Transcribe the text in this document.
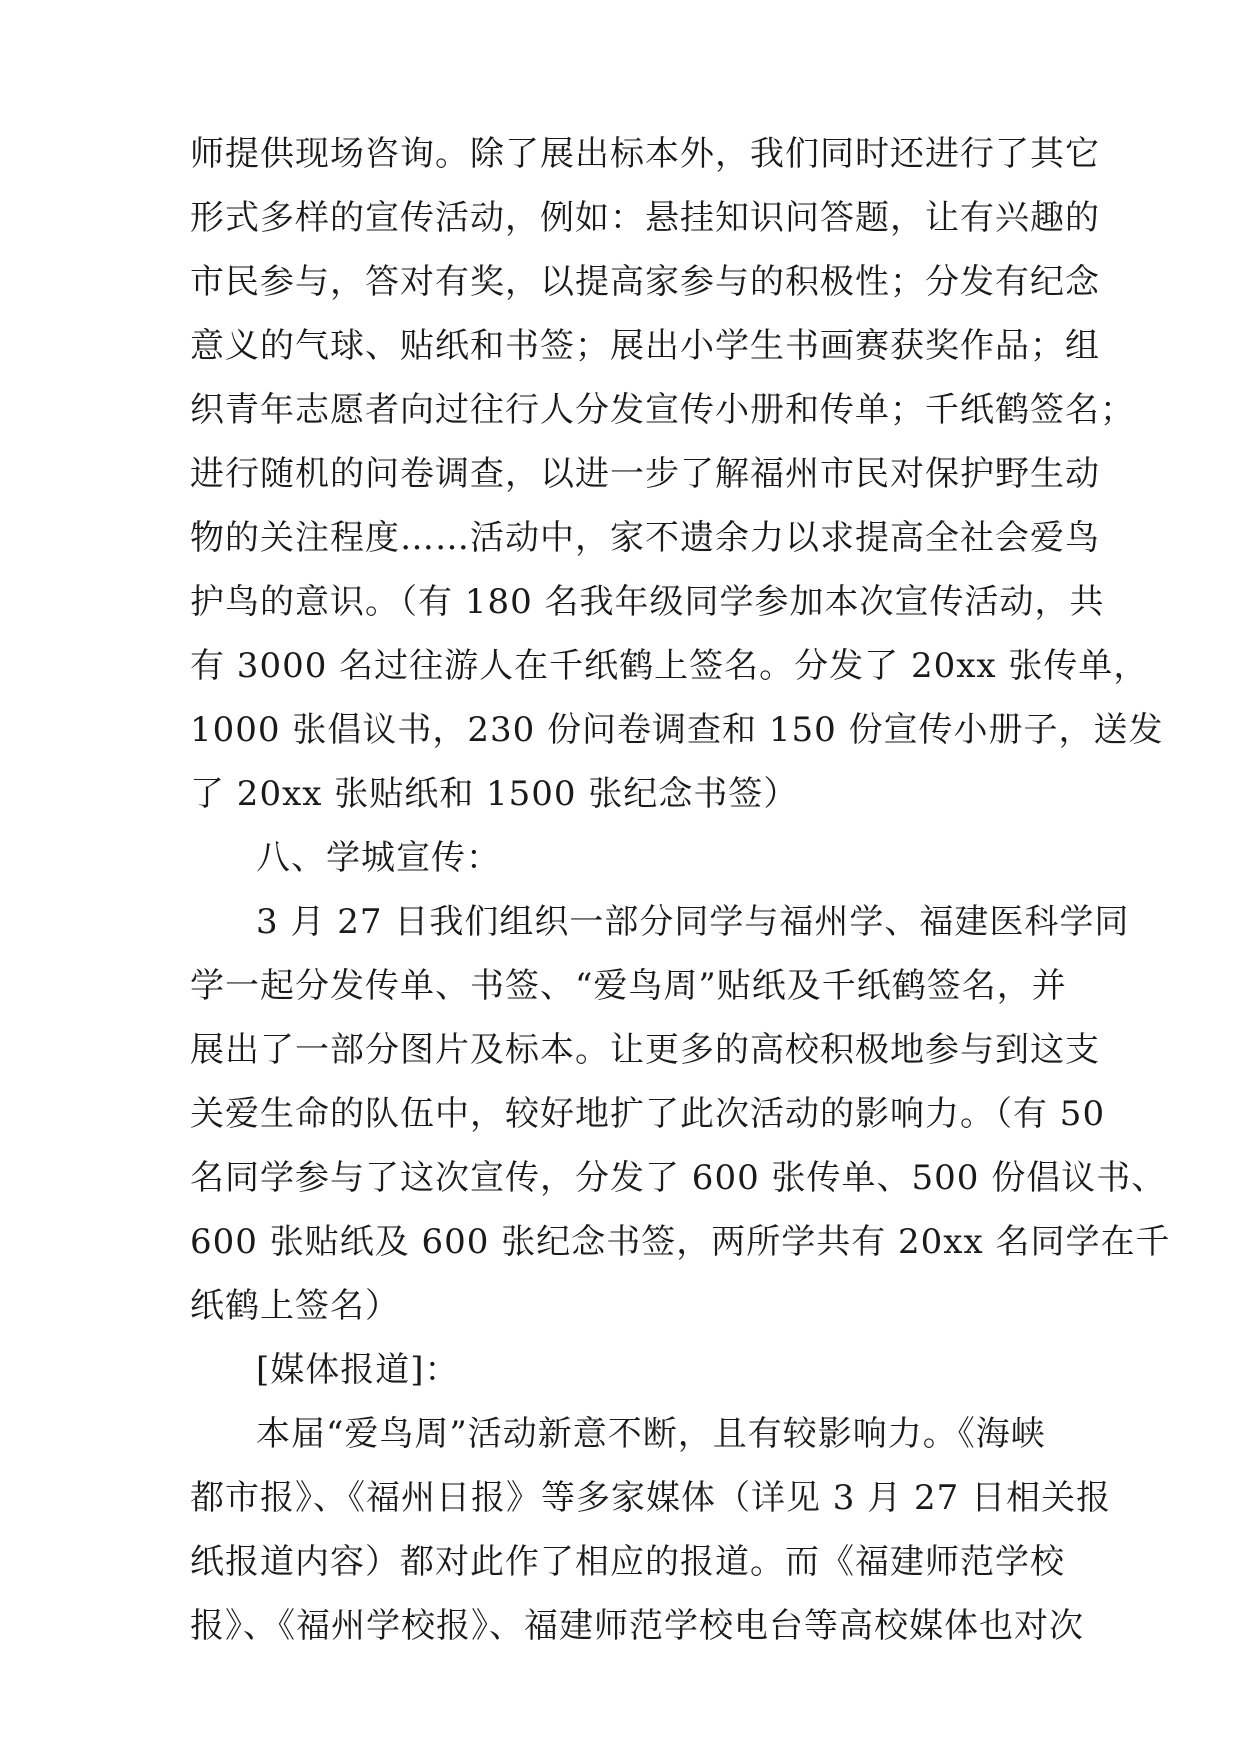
师提供现场咨询。除了展出标本外，我们同时还进行了其它
形式多样的宣传活动，例如：悬挂知识问答题，让有兴趣的
市民参与，答对有奖，以提高家参与的积极性；分发有纪念
意义的气球、贴纸和书签；展出小学生书画赛获奖作品；组
织青年志愿者向过往行人分发宣传小册和传单；千纸鹤签名；
进行随机的问卷调查，以进一步了解福州市民对保护野生动
物的关注程度……活动中，家不遗余力以求提高全社会爱鸟
护鸟的意识。（有 180 名我年级同学参加本次宣传活动，共
有 3000 名过往游人在千纸鹤上签名。分发了 20xx 张传单，
1000 张倡议书，230 份问卷调查和 150 份宣传小册子，送发
了 20xx 张贴纸和 1500 张纪念书签）
八、学城宣传：
3 月 27 日我们组织一部分同学与福州学、福建医科学同
学一起分发传单、书签、“爱鸟周”贴纸及千纸鹤签名，并
展出了一部分图片及标本。让更多的高校积极地参与到这支
关爱生命的队伍中，较好地扩了此次活动的影响力。（有 50
名同学参与了这次宣传，分发了 600 张传单、500 份倡议书、
600 张贴纸及 600 张纪念书签，两所学共有 20xx 名同学在千
纸鹤上签名）
[媒体报道]：
本届“爱鸟周”活动新意不断，且有较影响力。《海峡
都市报》、《福州日报》等多家媒体（详见 3 月 27 日相关报
纸报道内容）都对此作了相应的报道。而《福建师范学校
报》、《福州学校报》、福建师范学校电台等高校媒体也对次
